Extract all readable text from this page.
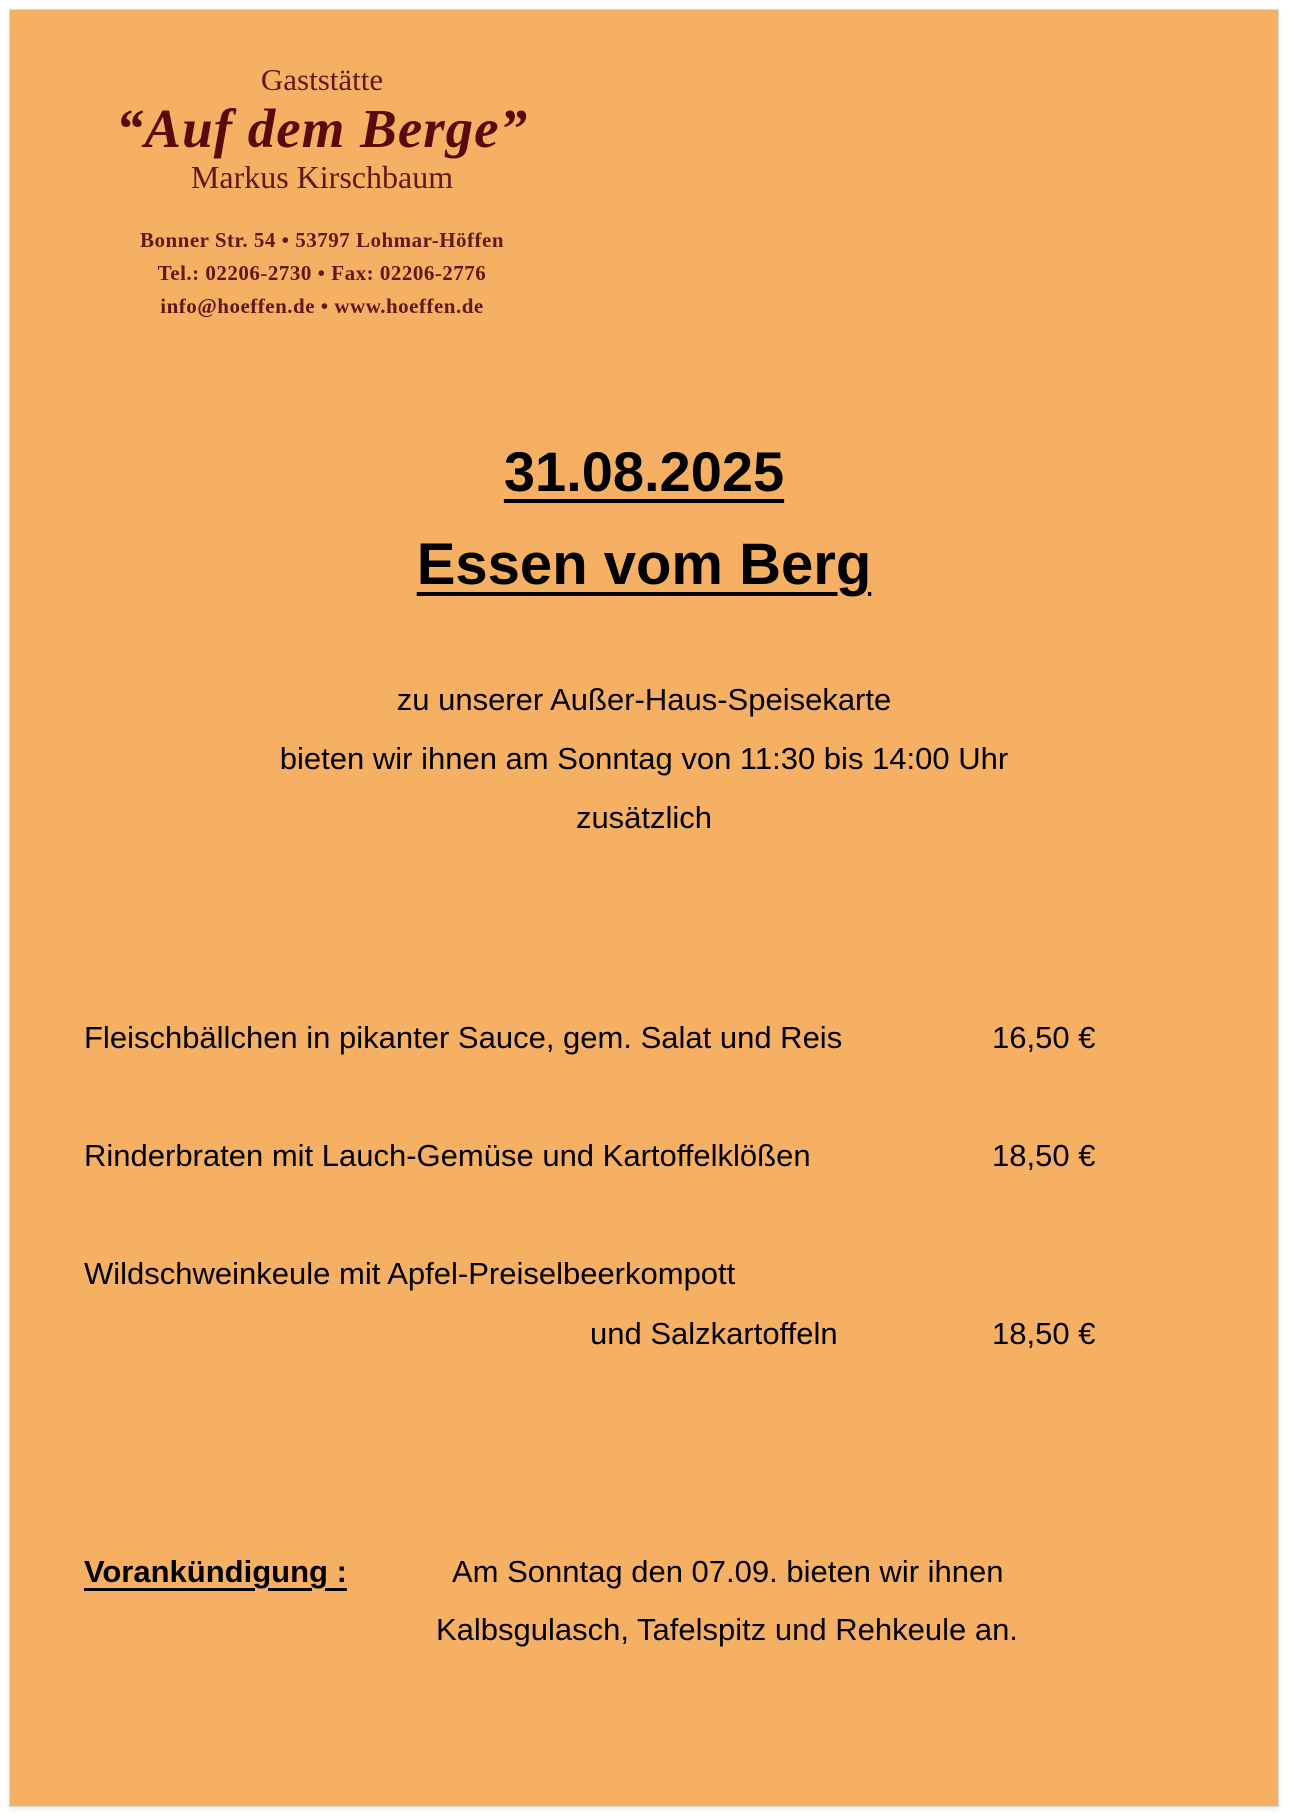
Gaststätte
“Auf dem Berge”
Markus Kirschbaum
Bonner Str. 54 • 53797 Lohmar-Höffen
Tel.: 02206-2730 • Fax: 02206-2776
info@hoeffen.de • www.hoeffen.de
31.08.2025
Essen vom Berg
zu unserer Außer-Haus-Speisekarte
bieten wir ihnen am Sonntag von 11:30 bis 14:00 Uhr
zusätzlich
Fleischbällchen in pikanter Sauce, gem. Salat und Reis	16,50 €
Rinderbraten mit Lauch-Gemüse und Kartoffelklößen	18,50 €
Wildschweinkeule mit Apfel-Preiselbeerkompott
und Salzkartoffeln	18,50 €
Vorankündigung :	Am Sonntag den 07.09. bieten wir ihnen
Kalbsgulasch, Tafelspitz und Rehkeule an.
